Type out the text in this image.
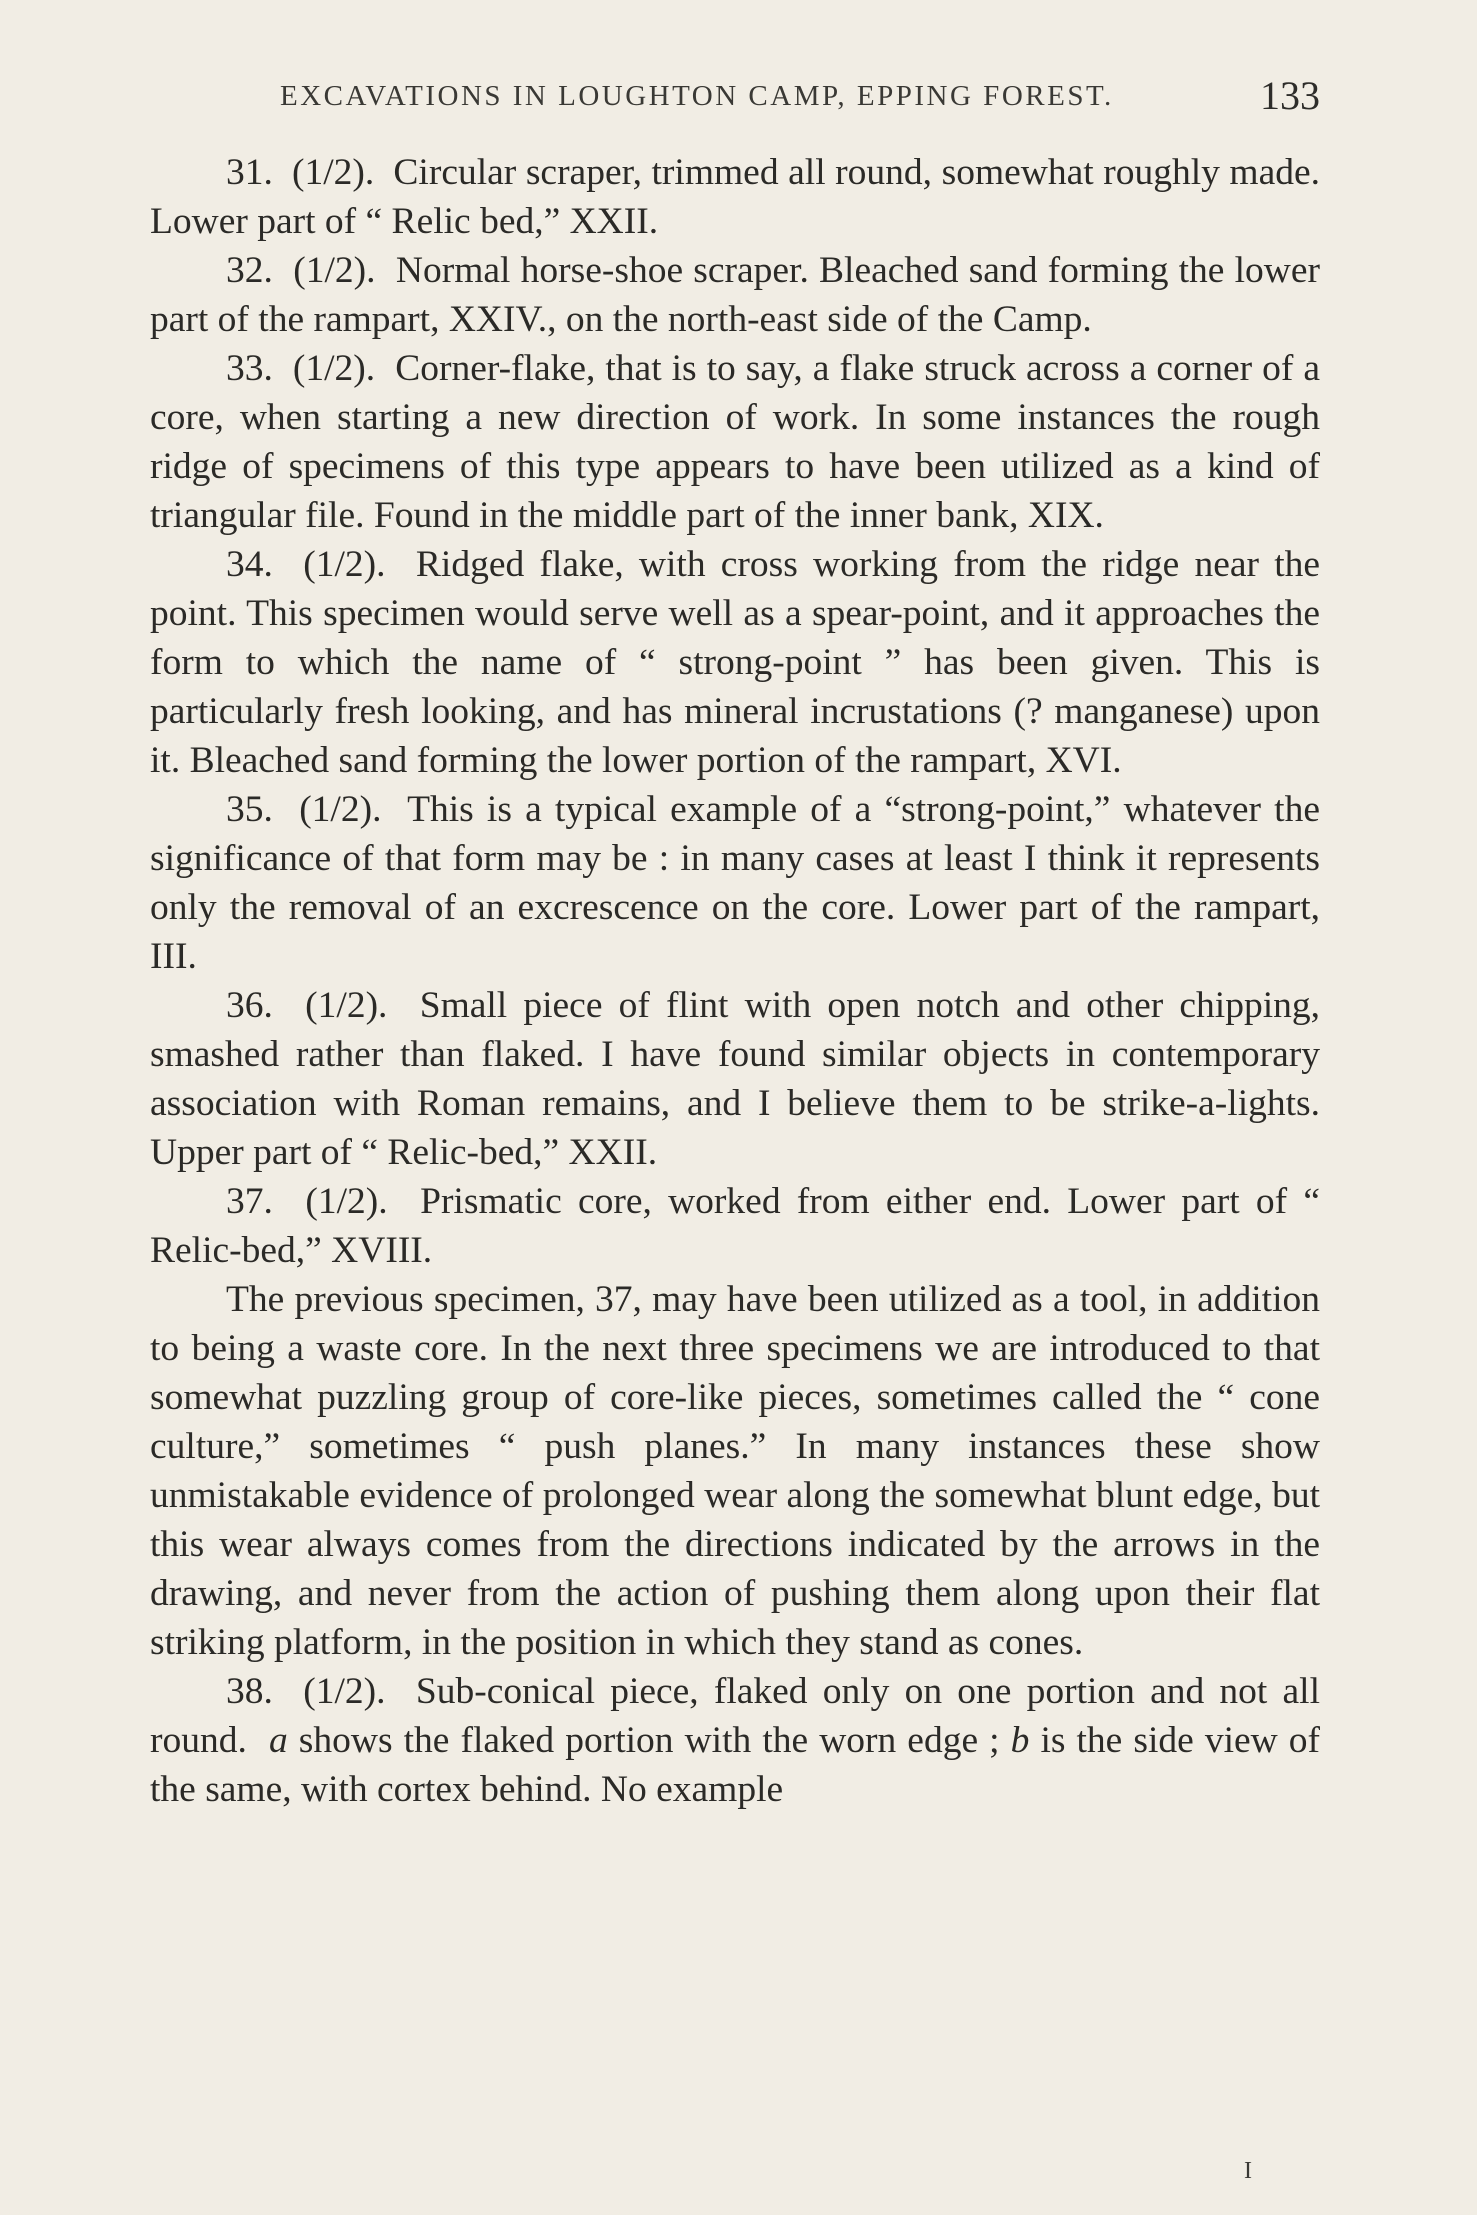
EXCAVATIONS IN LOUGHTON CAMP, EPPING FOREST.	133

31. (1/2). Circular scraper, trimmed all round, somewhat roughly made. Lower part of “ Relic bed,” XXII.

32. (1/2). Normal horse-shoe scraper. Bleached sand forming the lower part of the rampart, XXIV., on the north-east side of the Camp.

33. (1/2). Corner-flake, that is to say, a flake struck across a corner of a core, when starting a new direction of work. In some instances the rough ridge of specimens of this type appears to have been utilized as a kind of triangular file. Found in the middle part of the inner bank, XIX.

34. (1/2). Ridged flake, with cross working from the ridge near the point. This specimen would serve well as a spear-point, and it approaches the form to which the name of “ strong-point ” has been given. This is particularly fresh looking, and has mineral incrustations (? manganese) upon it. Bleached sand forming the lower portion of the rampart, XVI.

35. (1/2). This is a typical example of a “strong-point,” whatever the significance of that form may be : in many cases at least I think it represents only the removal of an excrescence on the core. Lower part of the rampart, III.

36. (1/2). Small piece of flint with open notch and other chipping, smashed rather than flaked. I have found similar objects in contemporary association with Roman remains, and I believe them to be strike-a-lights. Upper part of “ Relic-bed,” XXII.

37. (1/2). Prismatic core, worked from either end. Lower part of “ Relic-bed,” XVIII.

The previous specimen, 37, may have been utilized as a tool, in addition to being a waste core. In the next three specimens we are introduced to that somewhat puzzling group of core-like pieces, sometimes called the “ cone culture,” sometimes “ push planes.” In many instances these show unmistakable evidence of prolonged wear along the somewhat blunt edge, but this wear always comes from the directions indicated by the arrows in the drawing, and never from the action of pushing them along upon their flat striking platform, in the position in which they stand as cones.

38. (1/2). Sub-conical piece, flaked only on one portion and not all round. a shows the flaked portion with the worn edge ; b is the side view of the same, with cortex behind. No example

I
